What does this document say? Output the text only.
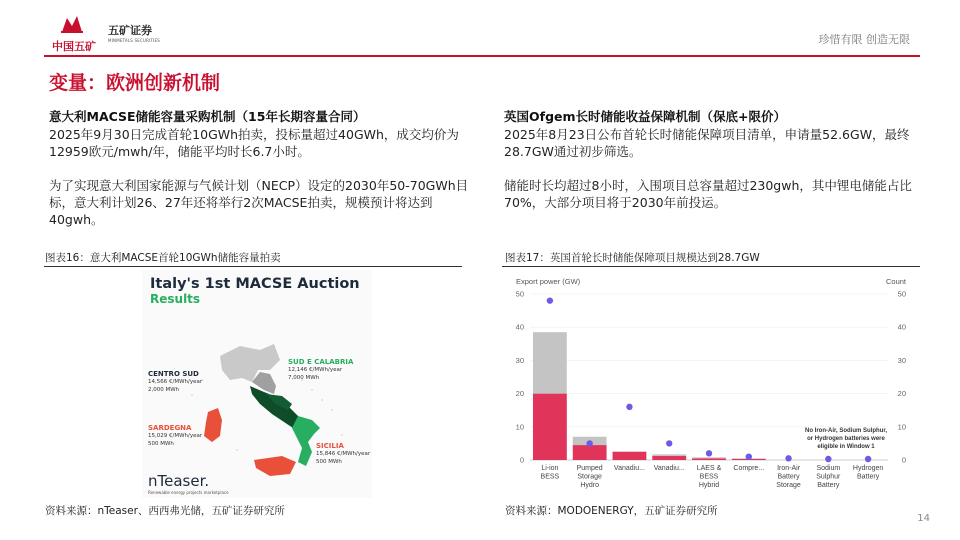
中国五矿
五矿证券
MINMETALS SECURITIES	珍惜有限 创造无限
变量：欧洲创新机制
意大利MACSE储能容量采购机制（15年长期容量合同）

2025年9月30日完成首轮10GWh拍卖，投标量超过40GWh，成交均价为12959欧元/mwh/年，储能平均时长6.7小时。

为了实现意大利国家能源与气候计划（NECP）设定的2030年50-70GWh目标，意大利计划26、27年还将举行2次MACSE拍卖，规模预计将达到40gwh。

英国Ofgem长时储能收益保障机制（保底+限价）

2025年8月23日公布首轮长时储能保障项目清单，申请量52.6GW，最终28.7GW通过初步筛选。

储能时长均超过8小时，入围项目总容量超过230gwh，其中锂电储能占比70%，大部分项目将于2030年前投运。

图表16：意大利MACSE首轮10GWh储能容量拍卖	图表17：英国首轮长时储能保障项目规模达到28.7GW
Italy's 1st MACSE Auction
Results
CENTRO SUD
14,566 €/MWh/year
2,000 MWh
SUD E CALABRIA
12,146 €/MWh/year
7,000 MWh
SARDEGNA
15,029 €/MWh/year
500 MWh	SICILIA
15,846 €/MWh/year
500 MWh
nTeaser.
Renewable energy projects marketplace
Export power (GW)	Count
0	0
10	10
20	20
30	30
40	40
50	50
Li-ion
BESS
Pumped
Storage
Hydro
Vanadiu... Vanadiu... LAES &
BESS
Hybrid
Compre... Iron-Air
Battery
Storage
Sodium
Sulphur
Battery
Hydrogen
Battery
No Iron-Air, Sodium Sulphur,
or Hydrogen batteries were
eligible in Window 1
资料来源：nTeaser、西西弗光储，五矿证券研究所	资料来源：MODOENERGY，五矿证券研究所
14
